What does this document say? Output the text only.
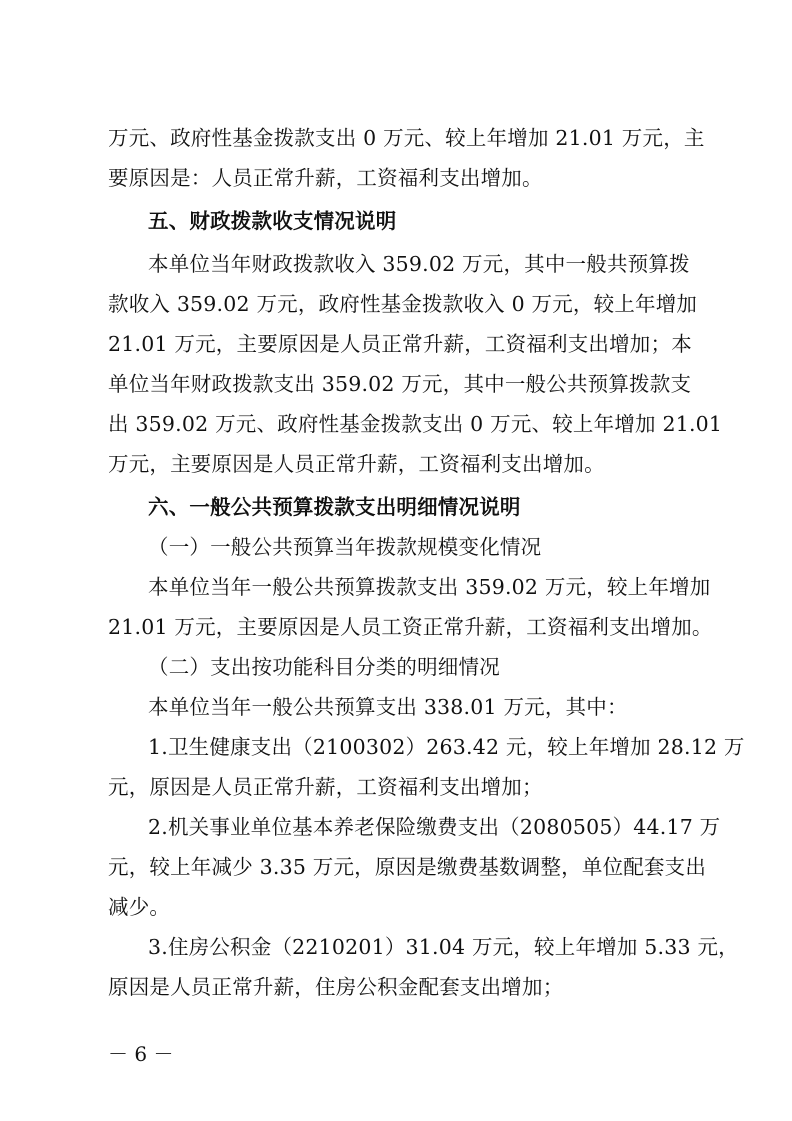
万元、政府性基金拨款支出 0 万元、较上年增加 21.01 万元，主
要原因是：人员正常升薪，工资福利支出增加。
五、财政拨款收支情况说明
本单位当年财政拨款收入 359.02 万元，其中一般共预算拨
款收入 359.02 万元，政府性基金拨款收入 0 万元，较上年增加
21.01 万元，主要原因是人员正常升薪，工资福利支出增加；本
单位当年财政拨款支出 359.02 万元，其中一般公共预算拨款支
出 359.02 万元、政府性基金拨款支出 0 万元、较上年增加 21.01
万元，主要原因是人员正常升薪，工资福利支出增加。
六、一般公共预算拨款支出明细情况说明
（一）一般公共预算当年拨款规模变化情况
本单位当年一般公共预算拨款支出 359.02 万元，较上年增加
21.01 万元，主要原因是人员工资正常升薪，工资福利支出增加。
（二）支出按功能科目分类的明细情况
本单位当年一般公共预算支出 338.01 万元，其中：
1.卫生健康支出（2100302）263.42 元，较上年增加 28.12 万
元，原因是人员正常升薪，工资福利支出增加；
2.机关事业单位基本养老保险缴费支出（2080505）44.17 万
元，较上年减少 3.35 万元，原因是缴费基数调整，单位配套支出
减少。
3.住房公积金（2210201）31.04 万元，较上年增加 5.33 元，
原因是人员正常升薪，住房公积金配套支出增加；
－ 6 －
